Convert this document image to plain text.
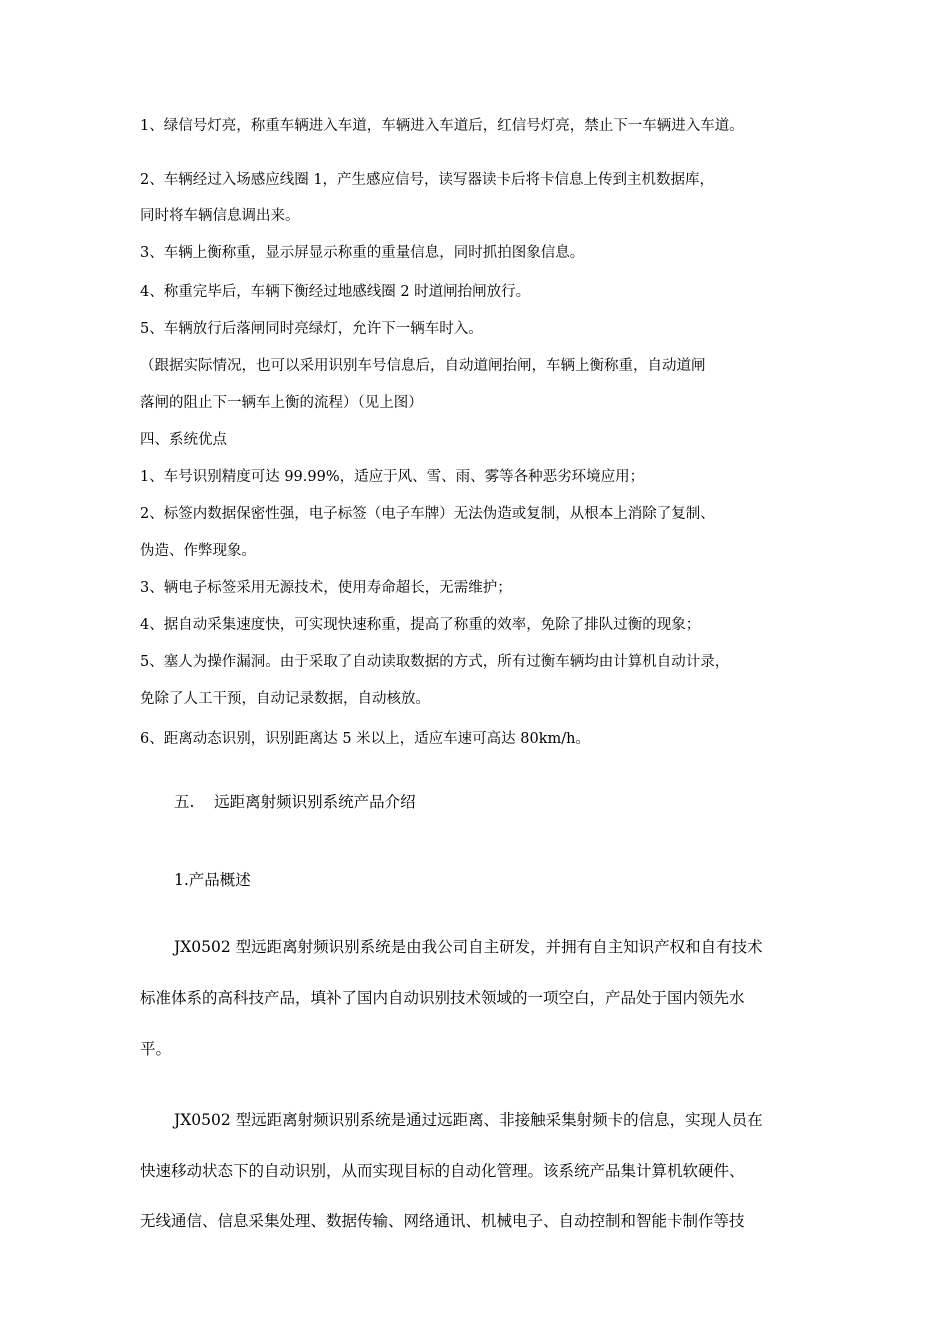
1、绿信号灯亮，称重车辆进入车道，车辆进入车道后，红信号灯亮，禁止下一车辆进入车道。
2、车辆经过入场感应线圈 1，产生感应信号，读写器读卡后将卡信息上传到主机数据库，
同时将车辆信息调出来。
3、车辆上衡称重，显示屏显示称重的重量信息，同时抓拍图象信息。
4、称重完毕后，车辆下衡经过地感线圈 2 时道闸抬闸放行。
5、车辆放行后落闸同时亮绿灯，允许下一辆车时入。
（跟据实际情况，也可以采用识别车号信息后，自动道闸抬闸，车辆上衡称重，自动道闸
落闸的阻止下一辆车上衡的流程）（见上图）
四、系统优点
1、车号识别精度可达 99.99%，适应于风、雪、雨、雾等各种恶劣环境应用；
2、标签内数据保密性强，电子标签（电子车牌）无法伪造或复制，从根本上消除了复制、
伪造、作弊现象。
3、辆电子标签采用无源技术，使用寿命超长，无需维护；
4、据自动采集速度快，可实现快速称重，提高了称重的效率，免除了排队过衡的现象；
5、塞人为操作漏洞。由于采取了自动读取数据的方式，所有过衡车辆均由计算机自动计录，
免除了人工干预，自动记录数据，自动核放。
6、距离动态识别，识别距离达 5 米以上，适应车速可高达 80km/h。
五.    远距离射频识别系统产品介绍
1.产品概述
JX0502 型远距离射频识别系统是由我公司自主研发，并拥有自主知识产权和自有技术
标准体系的高科技产品，填补了国内自动识别技术领域的一项空白，产品处于国内领先水
平。
JX0502 型远距离射频识别系统是通过远距离、非接触采集射频卡的信息，实现人员在
快速移动状态下的自动识别，从而实现目标的自动化管理。该系统产品集计算机软硬件、
无线通信、信息采集处理、数据传输、网络通讯、机械电子、自动控制和智能卡制作等技
